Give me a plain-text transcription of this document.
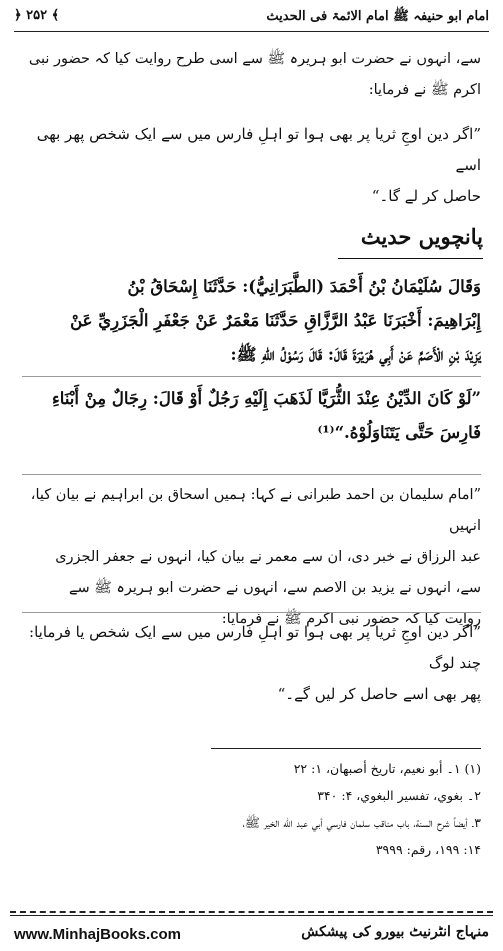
امام ابو حنیفہ ﷺ امام الائمۃ فی الحدیث
﴿ ۲۵۲ ﴾
سے، انہوں نے حضرت ابو ہریرہ ﷺ سے اسی طرح روایت کیا کہ حضور نبی
اکرم ﷺ نے فرمایا:
”اگر دین اوجِ ثریا پر بھی ہوا تو اہلِ فارس میں سے ایک شخص پھر بھی اسے
حاصل کر لے گا۔“
پانچویں حدیث
وَقَالَ سُلَيْمَانُ بْنُ أَحْمَدَ (الطَّبَرَانِيُّ): حَدَّثَنَا إِسْحَاقُ بْنُ
إِبْرَاهِيمَ: أَخْبَرَنَا عَبْدُ الرَّزَّاقِ حَدَّثَنَا مَعْمَرٌ عَنْ جَعْفَرِ الْجَزَرِيِّ عَنْ
يَزِيْدَ بْنِ الْأَصَمِّ عَنْ أَبِي هُرَيْرَةَ قَالَ: قَالَ رَسُوْلُ اللهِ ﷺ:
”لَوْ كَانَ الدِّيْنُ عِنْدَ الثُّرَيَّا لَذَهَبَ إِلَيْهِ رَجُلٌ أَوْ قَالَ: رِجَالٌ مِنْ أَبْنَاءِ
فَارِسَ حَتَّى يَتَنَاوَلُوْهُ.“⁽¹⁾
”امام سلیمان بن احمد طبرانی نے کہا: ہمیں اسحاق بن ابراہیم نے بیان کیا، انہیں
عبد الرزاق نے خبر دی، ان سے معمر نے بیان کیا، انہوں نے جعفر الجزری
سے، انہوں نے یزید بن الاصم سے، انہوں نے حضرت ابو ہریرہ ﷺ سے
روایت کیا کہ حضور نبی اکرم ﷺ نے فرمایا:
”اگر دین اوجِ ثریا پر بھی ہوا تو اہلِ فارس میں سے ایک شخص یا فرمایا: چند لوگ
پھر بھی اسے حاصل کر لیں گے۔“
(۱) ۱۔ أبو نعيم، تاريخ أصبهان، ۱: ۲۲
۲۔ بغوي، تفسير البغوي، ۴: ۳۴۰
۳۔ أيضاً شرح السنة، باب مناقب سلمان فارسي أبي عبد الله الخير ﷺ،
۱۴: ۱۹۹، رقم: ۳۹۹۹
www.MinhajBooks.com	منہاج انٹرنیٹ بیورو کی پیشکش
